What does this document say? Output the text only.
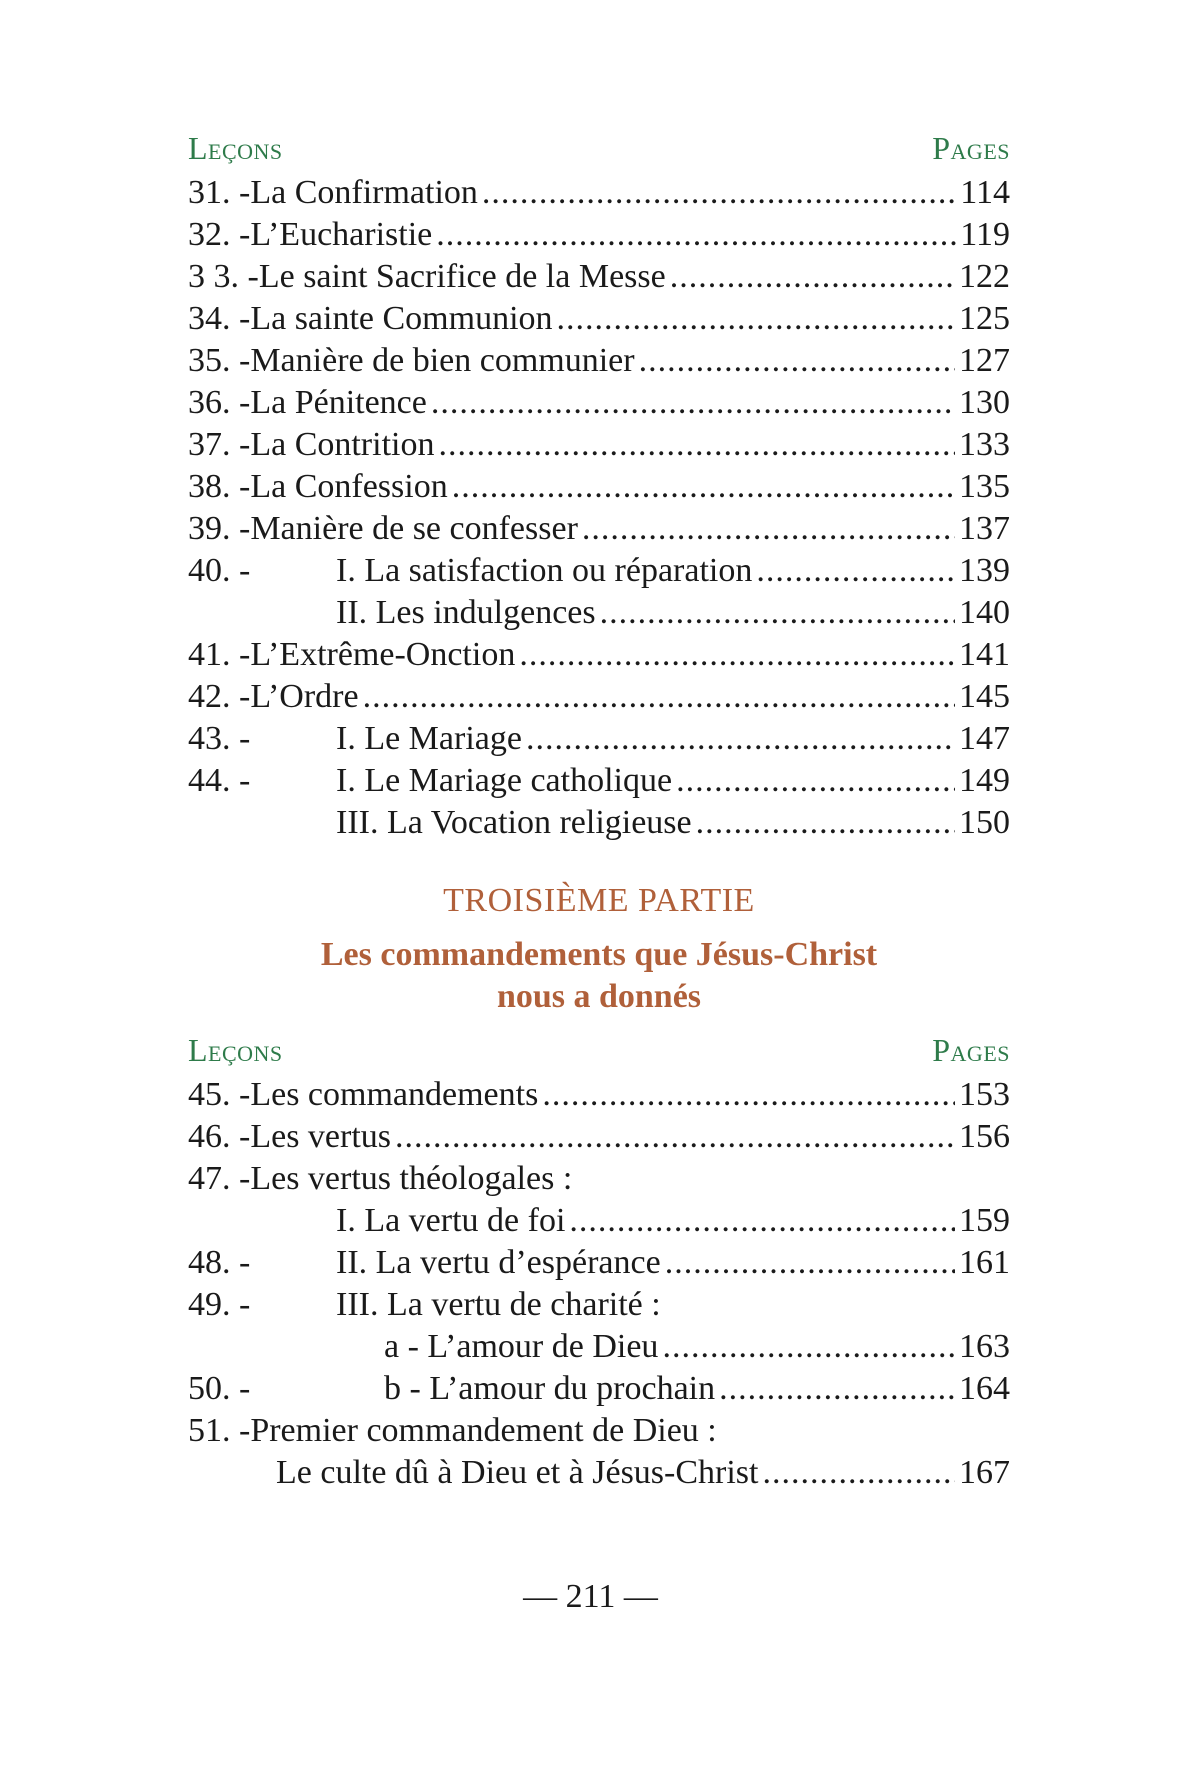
Leçons	Pages
31. - La Confirmation .....	114
32. - L’Eucharistie .....	119
3 3. - Le saint Sacrifice de la Messe .....	122
34. - La sainte Communion .....	125
35. - Manière de bien communier .....	127
36. - La Pénitence .....	130
37. - La Contrition .....	133
38. - La Confession .....	135
39. - Manière de se confesser .....	137
40. -	I. La satisfaction ou réparation .....	139
II. Les indulgences .....	140
41. - L’Extrême-Onction .....	141
42. - L’Ordre .....	145
43. -	I. Le Mariage .....	147
44. -	I. Le Mariage catholique .....	149
III. La Vocation religieuse .....	150
TROISIÈME PARTIE
Les commandements que Jésus-Christ
nous a donnés
Leçons	Pages
45. - Les commandements .....	153
46. - Les vertus .....	156
47. - Les vertus théologales :
I. La vertu de foi .....	159
48. -	II. La vertu d’espérance .....	161
49. -	III. La vertu de charité :
a - L’amour de Dieu .....	163
50. -	b - L’amour du prochain .....	164
51. - Premier commandement de Dieu :
Le culte dû à Dieu et à Jésus-Christ .....	167
— 211 —
